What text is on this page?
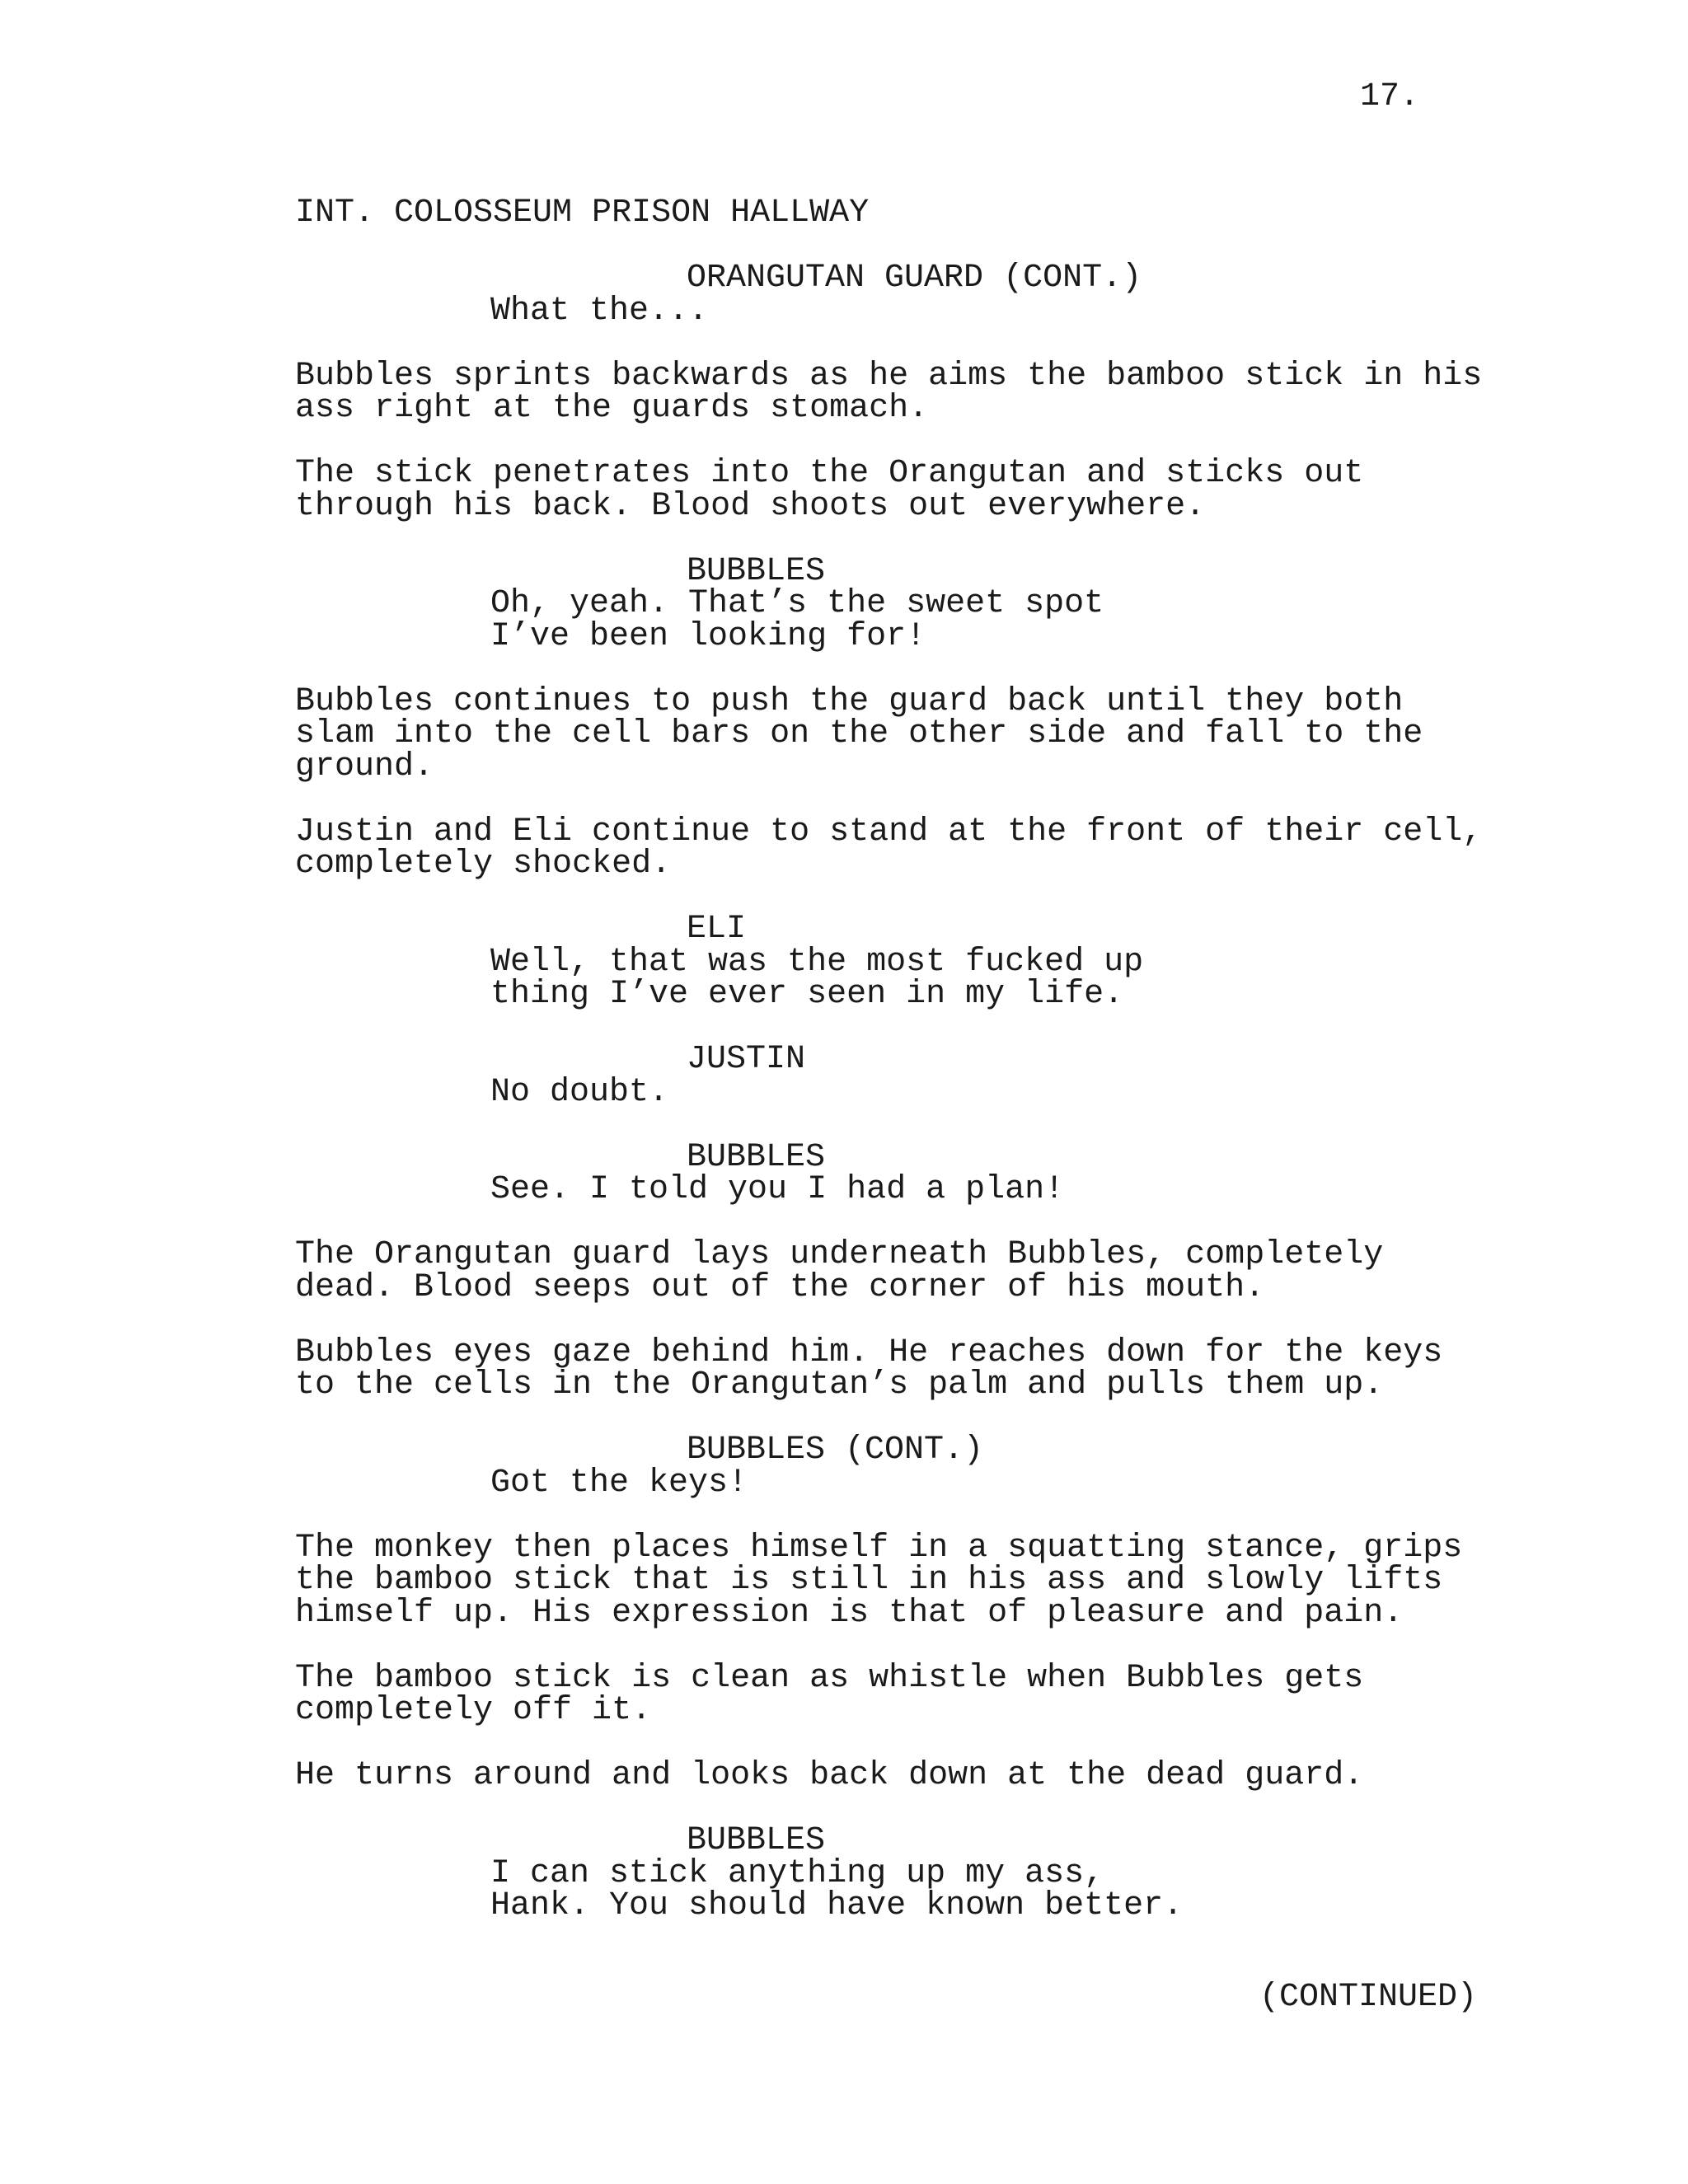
17.
INT. COLOSSEUM PRISON HALLWAY
ORANGUTAN GUARD (CONT.)
What the...
Bubbles sprints backwards as he aims the bamboo stick in his
ass right at the guards stomach.
The stick penetrates into the Orangutan and sticks out
through his back. Blood shoots out everywhere.
BUBBLES
Oh, yeah. That’s the sweet spot
I’ve been looking for!
Bubbles continues to push the guard back until they both
slam into the cell bars on the other side and fall to the
ground.
Justin and Eli continue to stand at the front of their cell,
completely shocked.
ELI
Well, that was the most fucked up
thing I’ve ever seen in my life.
JUSTIN
No doubt.
BUBBLES
See. I told you I had a plan!
The Orangutan guard lays underneath Bubbles, completely
dead. Blood seeps out of the corner of his mouth.
Bubbles eyes gaze behind him. He reaches down for the keys
to the cells in the Orangutan’s palm and pulls them up.
BUBBLES (CONT.)
Got the keys!
The monkey then places himself in a squatting stance, grips
the bamboo stick that is still in his ass and slowly lifts
himself up. His expression is that of pleasure and pain.
The bamboo stick is clean as whistle when Bubbles gets
completely off it.
He turns around and looks back down at the dead guard.
BUBBLES
I can stick anything up my ass,
Hank. You should have known better.
(CONTINUED)
